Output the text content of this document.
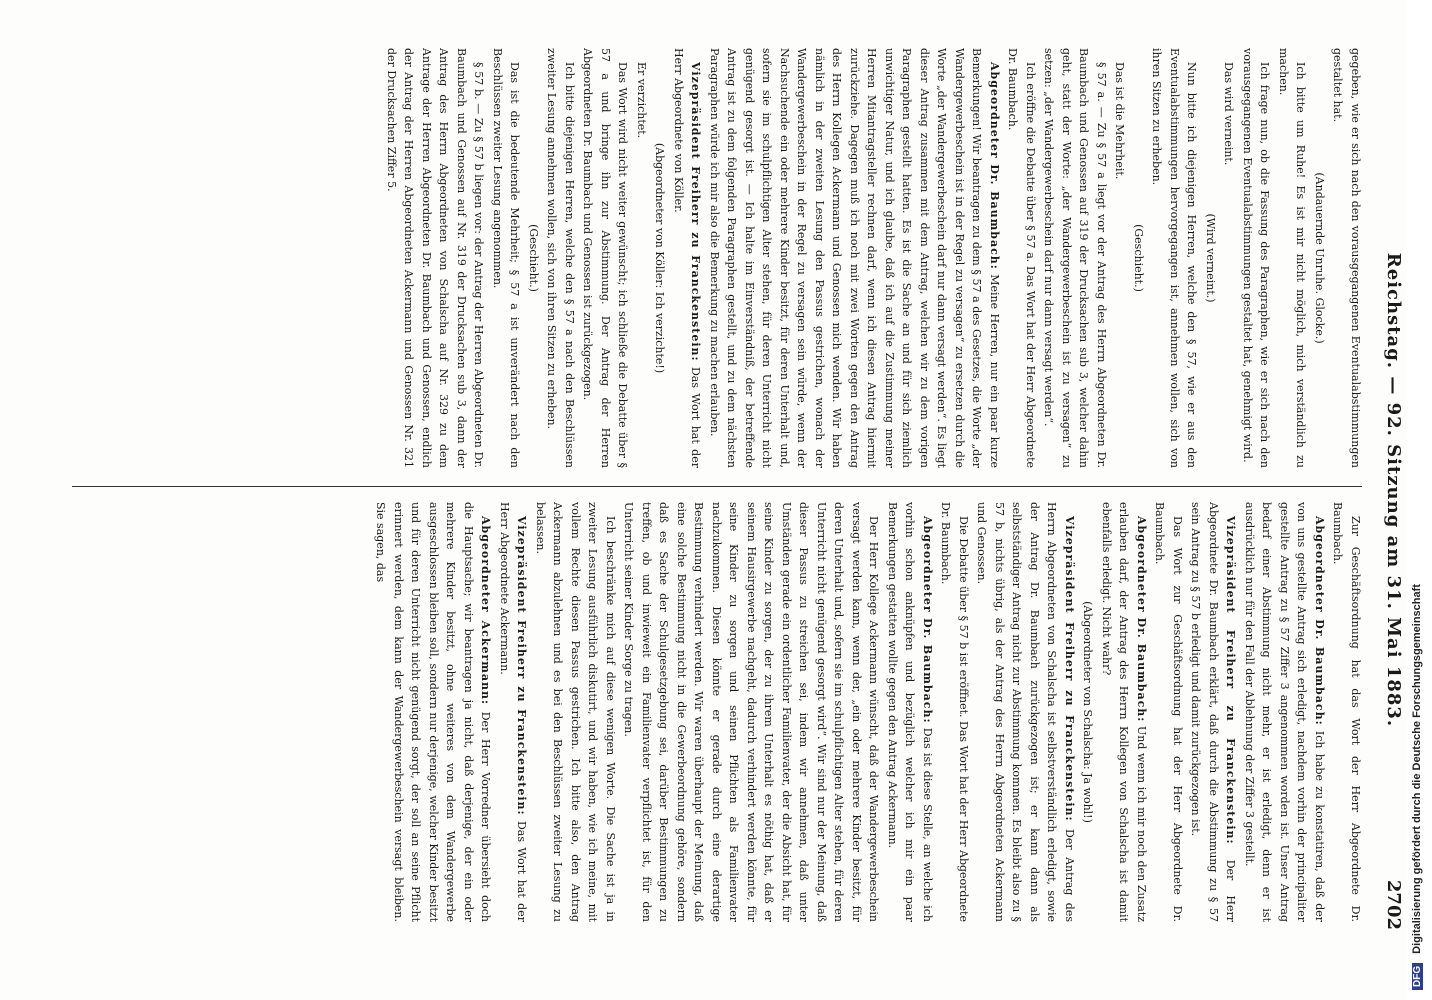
Reichstag. — 92. Sitzung am 31. Mai 1883.
2702

gegeben, wie er sich nach den vorausgegangenen Eventualabstimmungen gestaltet hat.

(Andauernde Unruhe. Glocke.)

Ich bitte um Ruhe! Es ist mir nicht möglich, mich verständlich zu machen.

Ich frage nun, ob die Fassung des Paragraphen, wie er sich nach den vorausgegangenen Eventualabstimmungen gestaltet hat, genehmigt wird.

Das wird verneint.

(Wird verneint.)

Nun bitte ich diejenigen Herren, welche den § 57, wie er aus den Eventualabstimmungen hervorgegangen ist, annehmen wollen, sich von ihren Sitzen zu erheben.

(Geschieht.)

Das ist die Mehrheit.

§ 57 a. — Zu § 57 a liegt vor der Antrag des Herrn Abgeordneten Dr. Baumbach und Genossen auf 319 der Drucksachen sub 3, welcher dahin geht, statt der Worte: „der Wandergewerbeschein ist zu versagen“ zu setzen: „der Wandergewerbeschein darf nur dann versagt werden“.

Ich eröffne die Debatte über § 57 a. Das Wort hat der Herr Abgeordnete Dr. Baumbach.

Abgeordneter Dr. Baumbach: Meine Herren, nur ein paar kurze Bemerkungen! Wir beantragen zu dem § 57 a des Gesetzes, die Worte „der Wandergewerbeschein ist in der Regel zu versagen“ zu ersetzen durch die Worte „der Wandergewerbeschein darf nur dann versagt werden“. Es liegt dieser Antrag zusammen mit dem Antrag, welchen wir zu dem vorigen Paragraphen gestellt hatten. Es ist die Sache an und für sich ziemlich unwichtiger Natur, und ich glaube, daß ich auf die Zustimmung meiner Herren Mitantragsteller rechnen darf, wenn ich diesen Antrag hiermit zurückziehe. Dagegen muß ich noch mit zwei Worten gegen den Antrag des Herrn Kollegen Ackermann und Genossen mich wenden. Wir haben nämlich in der zweiten Lesung den Passus gestrichen, wonach der Wandergewerbeschein in der Regel zu versagen sein würde, wenn der Nachsuchende ein oder mehrere Kinder besitzt, für deren Unterhalt und, sofern sie im schulpflichtigen Alter stehen, für deren Unterricht nicht genügend gesorgt ist. — Ich halte im Einverständniß, der betreffende Antrag ist zu dem folgenden Paragraphen gestellt, und zu dem nächsten Paragraphen würde ich mir also die Bemerkung zu machen erlauben.

Vizepräsident Freiherr zu Franckenstein: Das Wort hat der Herr Abgeordnete von Köller.

(Abgeordneter von Köller: Ich verzichte!)

Er verzichtet.

Das Wort wird nicht weiter gewünscht; ich schließe die Debatte über § 57 a und bringe ihn zur Abstimmung. Der Antrag der Herren Abgeordneten Dr. Baumbach und Genossen ist zurückgezogen.

Ich bitte diejenigen Herren, welche den § 57 a nach den Beschlüssen zweiter Lesung annehmen wollen, sich von ihren Sitzen zu erheben.

(Geschieht.)

Das ist die bedeutende Mehrheit; § 57 a ist unverändert nach den Beschlüssen zweiter Lesung angenommen.

§ 57 b. — Zu § 57 b liegen vor: der Antrag der Herren Abgeordneten Dr. Baumbach und Genossen auf Nr. 319 der Drucksachen sub 3, dann der Antrag des Herrn Abgeordneten von Schalscha auf Nr. 329 zu dem Antrage der Herren Abgeordneten Dr. Baumbach und Genossen, endlich der Antrag der Herren Abgeordneten Ackermann und Genossen Nr. 321 der Drucksachen Ziffer 5.

Zur Geschäftsordnung hat das Wort der Herr Abgeordnete Dr. Baumbach.

Abgeordneter Dr. Baumbach: Ich habe zu konstatiren, daß der von uns gestellte Antrag sich erledigt, nachdem vorhin der principaliter gestellte Antrag zu § 57 Ziffer 3 angenommen worden ist. Unser Antrag bedarf einer Abstimmung nicht mehr, er ist erledigt, denn er ist ausdrücklich nur für den Fall der Ablehnung der Ziffer 3 gestellt.

Vizepräsident Freiherr zu Franckenstein: Der Herr Abgeordnete Dr. Baumbach erklärt, daß durch die Abstimmung zu § 57 sein Antrag zu § 57 b erledigt und damit zurückgezogen ist.

Das Wort zur Geschäftsordnung hat der Herr Abgeordnete Dr. Baumbach.

Abgeordneter Dr. Baumbach: Und wenn ich mir noch den Zusatz erlauben darf, der Antrag des Herrn Kollegen von Schalscha ist damit ebenfalls erledigt. Nicht wahr?

(Abgeordneter von Schalscha: Ja wohl!)

Vizepräsident Freiherr zu Franckenstein: Der Antrag des Herrn Abgeordneten von Schalscha ist selbstverständlich erledigt, sowie der Antrag Dr. Baumbach zurückgezogen ist; er kann dann als selbstständiger Antrag nicht zur Abstimmung kommen. Es bleibt also zu § 57 b, nichts übrig, als der Antrag des Herrn Abgeordneten Ackermann und Genossen.

Die Debatte über § 57 b ist eröffnet. Das Wort hat der Herr Abgeordnete Dr. Baumbach.

Abgeordneter Dr. Baumbach: Das ist diese Stelle, an welche ich vorhin schon anknüpfen und bezüglich welcher ich mir ein paar Bemerkungen gestatten wollte gegen den Antrag Ackermann.

Der Herr Kollege Ackermann wünscht, daß der Wandergewerbeschein versagt werden kann, wenn der, „ein oder mehrere Kinder besitzt, für deren Unterhalt und, sofern sie im schulpflichtigen Alter stehen, für deren Unterricht nicht genügend gesorgt wird“. Wir sind nur der Meinung, daß dieser Passus zu streichen sei, indem wir annehmen, daß unter Umständen gerade ein ordentlicher Familienvater, der die Absicht hat, für seine Kinder zu sorgen, der zu ihrem Unterhalt es nöthig hat, daß er seinem Hausirgewerbe nachgeht, dadurch verhindert werden könnte, für seine Kinder zu sorgen und seinen Pflichten als Familienvater nachzukommen. Diesen könnte er gerade durch eine derartige Bestimmung verhindert werden. Wir waren überhaupt der Meinung, daß eine solche Bestimmung nicht in die Gewerbeordnung gehöre, sondern daß es Sache der Schulgesetzgebung sei, darüber Bestimmungen zu treffen, ob und inwieweit ein Familienvater verpflichtet ist, für den Unterricht seiner Kinder Sorge zu tragen.

Ich beschränke mich auf diese wenigen Worte. Die Sache ist ja in zweiter Lesung ausführlich diskutirt, und wir haben, wie ich meine, mit vollem Rechte diesen Passus gestrichen. Ich bitte also, den Antrag Ackermann abzulehnen und es bei den Beschlüssen zweiter Lesung zu belassen.

Vizepräsident Freiherr zu Franckenstein: Das Wort hat der Herr Abgeordnete Ackermann.

Abgeordneter Ackermann: Der Herr Vorredner übersieht doch die Hauptsache; wir beantragen ja nicht, daß derjenige, der ein oder mehrere Kinder besitzt, ohne weiteres von dem Wandergewerbe ausgeschlossen bleiben soll, sondern nur derjenige, welcher Kinder besitzt und für deren Unterricht nicht genügend sorgt, der soll an seine Pflicht erinnert werden, dem kann der Wandergewerbeschein versagt bleiben. Sie sagen, das

DFG Digitalisierung gefördert durch die Deutsche Forschungsgemeinschaft
